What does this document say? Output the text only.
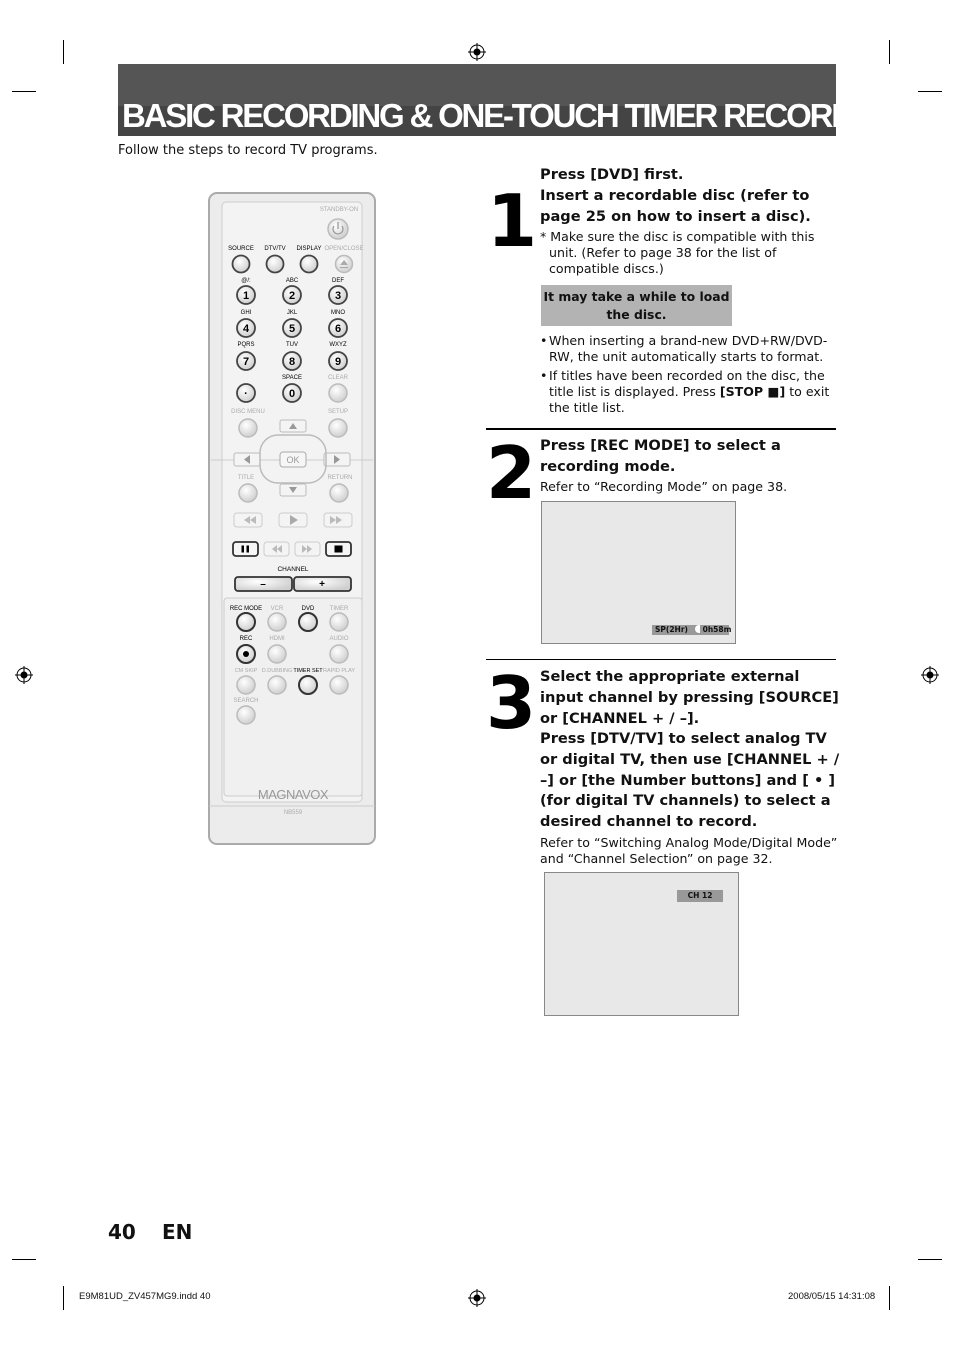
BASIC RECORDING & ONE-TOUCH TIMER RECORDING
Follow the steps to record TV programs.
STANDBY-ON
SOURCE DTV/TV DISPLAY OPEN/CLOSE
@/:	ABC	DEF
GHI	JKL	MNO
PQRS	TUV	WXYZ
SPACE	CLEAR
1	2	3
4	5	6
7	8	9
·	0
DISC MENU	SETUP
OK
TITLE	RETURN
CHANNEL
–	+
REC MODE VCR	DVD	TIMER
REC	HDMI	AUDIO
CM SKIP D.DUBBING TIMER SET RAPID PLAY
SEARCH
MAGNAVOX
NB559
1
Press [DVD] first.
Insert a recordable disc (refer to page 25 on how to insert a disc).
* Make sure the disc is compatible with this unit. (Refer to page 38 for the list of compatible discs.)
It may take a while to load the disc.
• When inserting a brand-new DVD+RW/DVD-RW, the unit automatically starts to format.
• If titles have been recorded on the disc, the title list is displayed. Press [STOP ■] to exit the title list.
2 Press [REC MODE] to select a recording mode.
Refer to “Recording Mode” on page 38.
SP(2Hr)	0h58m
3 Select the appropriate external input channel by pressing [SOURCE] or [CHANNEL + / –].
Press [DTV/TV] to select analog TV or digital TV, then use [CHANNEL + / –] or [the Number buttons] and [ • ] (for digital TV channels) to select a desired channel to record.
Refer to “Switching Analog Mode/Digital Mode” and “Channel Selection” on page 32.
CH 12
40 EN
E9M81UD_ZV457MG9.indd 40	2008/05/15 14:31:08
